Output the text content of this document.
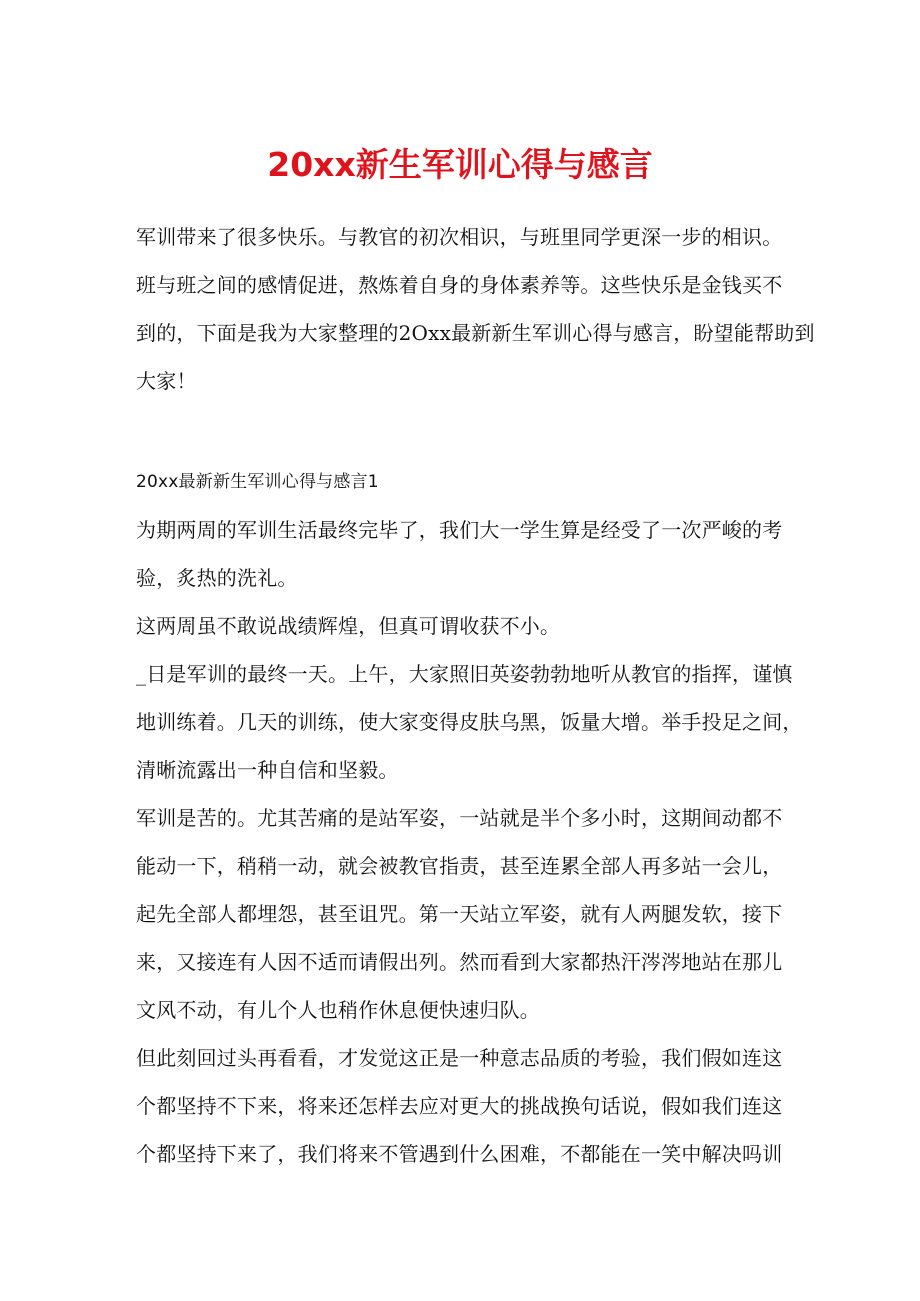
20xx新生军训心得与感言
军训带来了很多快乐。与教官的初次相识，与班里同学更深一步的相识。
班与班之间的感情促进，熬炼着自身的身体素养等。这些快乐是金钱买不
到的，下面是我为大家整理的2Oxx最新新生军训心得与感言，盼望能帮助到
大家！
20xx最新新生军训心得与感言1
为期两周的军训生活最终完毕了，我们大一学生算是经受了一次严峻的考
验，炙热的洗礼。
这两周虽不敢说战绩辉煌，但真可谓收获不小。
_日是军训的最终一天。上午，大家照旧英姿勃勃地听从教官的指挥，谨慎
地训练着。几天的训练，使大家变得皮肤乌黑，饭量大增。举手投足之间，
清晰流露出一种自信和坚毅。
军训是苦的。尤其苦痛的是站军姿，一站就是半个多小时，这期间动都不
能动一下，稍稍一动，就会被教官指责，甚至连累全部人再多站一会儿，
起先全部人都埋怨，甚至诅咒。第一天站立军姿，就有人两腿发软，接下
来，又接连有人因不适而请假出列。然而看到大家都热汗涔涔地站在那儿
文风不动，有儿个人也稍作休息便快速归队。
但此刻回过头再看看，才发觉这正是一种意志品质的考验，我们假如连这
个都坚持不下来，将来还怎样去应对更大的挑战换句话说，假如我们连这
个都坚持下来了，我们将来不管遇到什么困难，不都能在一笑中解决吗训
